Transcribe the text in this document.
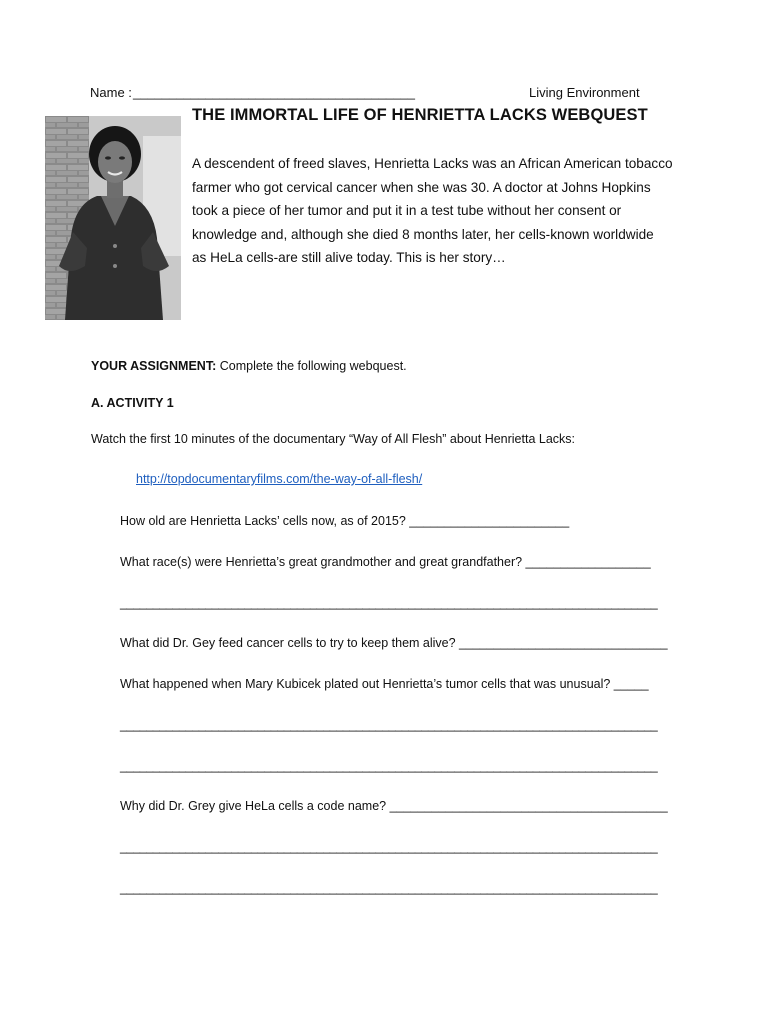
Name : _______________________________________	Living Environment
THE IMMORTAL LIFE OF HENRIETTA LACKS WEBQUEST
A descendent of freed slaves, Henrietta Lacks was an African American tobacco
farmer who got cervical cancer when she was 30. A doctor at Johns Hopkins
took a piece of her tumor and put it in a test tube without her consent or
knowledge and, although she died 8 months later, her cells-known worldwide
as HeLa cells-are still alive today. This is her story…
YOUR ASSIGNMENT: Complete the following webquest.
A. ACTIVITY 1
Watch the first 10 minutes of the documentary “Way of All Flesh” about Henrietta Lacks:
http://topdocumentaryfilms.com/the-way-of-all-flesh/
How old are Henrietta Lacks’ cells now, as of 2015? _______________________
What race(s) were Henrietta’s great grandmother and great grandfather? __________________
__________________________________________________________________________________
What did Dr. Gey feed cancer cells to try to keep them alive? ______________________________
What happened when Mary Kubicek plated out Henrietta’s tumor cells that was unusual? _____
__________________________________________________________________________________
__________________________________________________________________________________
Why did Dr. Grey give HeLa cells a code name? ________________________________________
__________________________________________________________________________________
__________________________________________________________________________________
